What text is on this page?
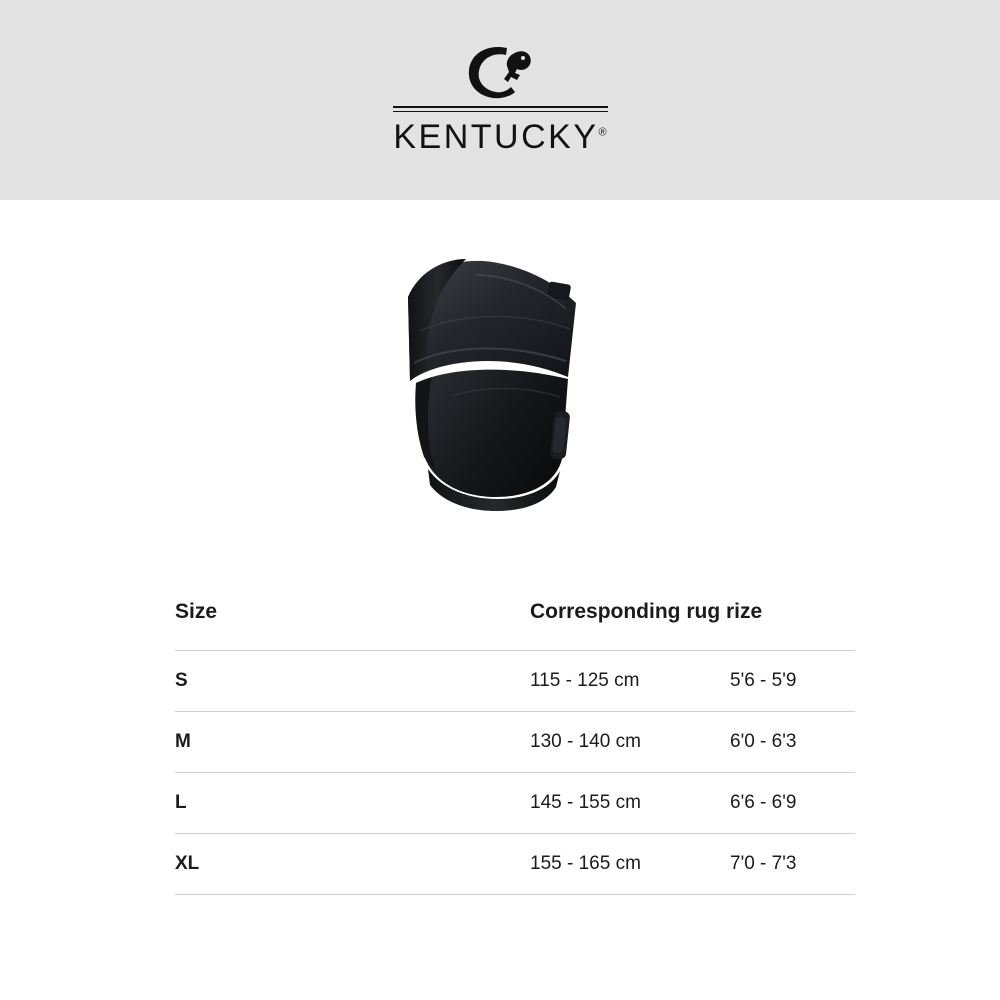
KENTUCKY®
Size	Corresponding rug rize
S	115 - 125 cm	5'6 - 5'9
M	130 - 140 cm	6'0 - 6'3
L	145 - 155 cm	6'6 - 6'9
XL	155 - 165 cm	7'0 - 7'3
